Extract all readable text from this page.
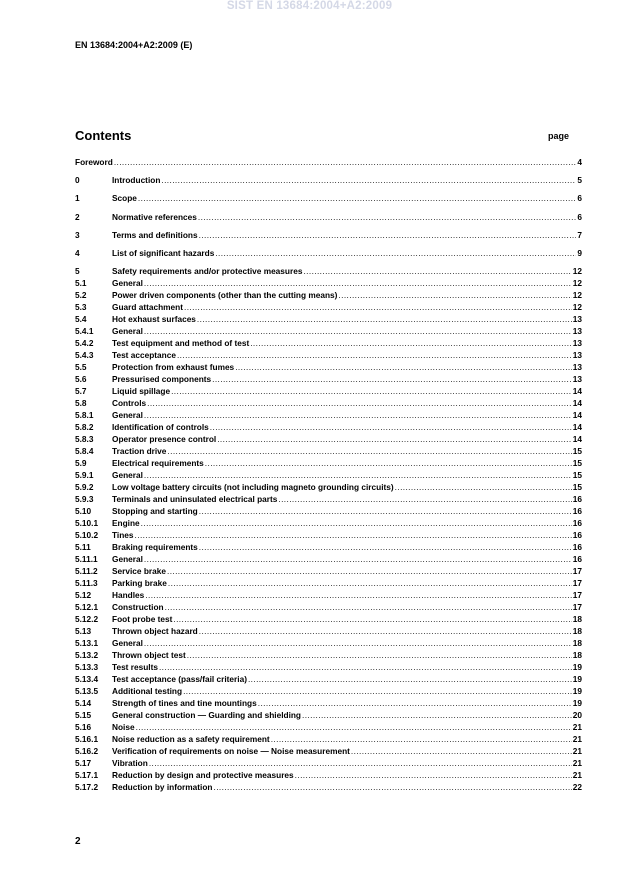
SIST EN 13684:2004+A2:2009
EN 13684:2004+A2:2009 (E)
Contents	page
Foreword .....	4
0	Introduction .....	5
1	Scope .....	6
2	Normative references .....	6
3	Terms and definitions .....	7
4	List of significant hazards .....	9
5	Safety requirements and/or protective measures .....	12
5.1	General .....	12
5.2	Power driven components (other than the cutting means) .....	12
5.3	Guard attachment .....	12
5.4	Hot exhaust surfaces .....	13
5.4.1	General .....	13
5.4.2	Test equipment and method of test .....	13
5.4.3	Test acceptance .....	13
5.5	Protection from exhaust fumes .....	13
5.6	Pressurised components .....	13
5.7	Liquid spillage .....	14
5.8	Controls .....	14
5.8.1	General .....	14
5.8.2	Identification of controls .....	14
5.8.3	Operator presence control .....	14
5.8.4	Traction drive .....	15
5.9	Electrical requirements .....	15
5.9.1	General .....	15
5.9.2	Low voltage battery circuits (not including magneto grounding circuits) .....	15
5.9.3	Terminals and uninsulated electrical parts .....	16
5.10	Stopping and starting .....	16
5.10.1	Engine .....	16
5.10.2	Tines .....	16
5.11	Braking requirements .....	16
5.11.1	General .....	16
5.11.2	Service brake .....	17
5.11.3	Parking brake .....	17
5.12	Handles .....	17
5.12.1	Construction .....	17
5.12.2	Foot probe test .....	18
5.13	Thrown object hazard .....	18
5.13.1	General .....	18
5.13.2	Thrown object test .....	18
5.13.3	Test results .....	19
5.13.4	Test acceptance (pass/fail criteria) .....	19
5.13.5	Additional testing .....	19
5.14	Strength of tines and tine mountings .....	19
5.15	General construction — Guarding and shielding .....	20
5.16	Noise .....	21
5.16.1	Noise reduction as a safety requirement .....	21
5.16.2	Verification of requirements on noise — Noise measurement .....	21
5.17	Vibration .....	21
5.17.1	Reduction by design and protective measures .....	21
5.17.2	Reduction by information .....	22
2
